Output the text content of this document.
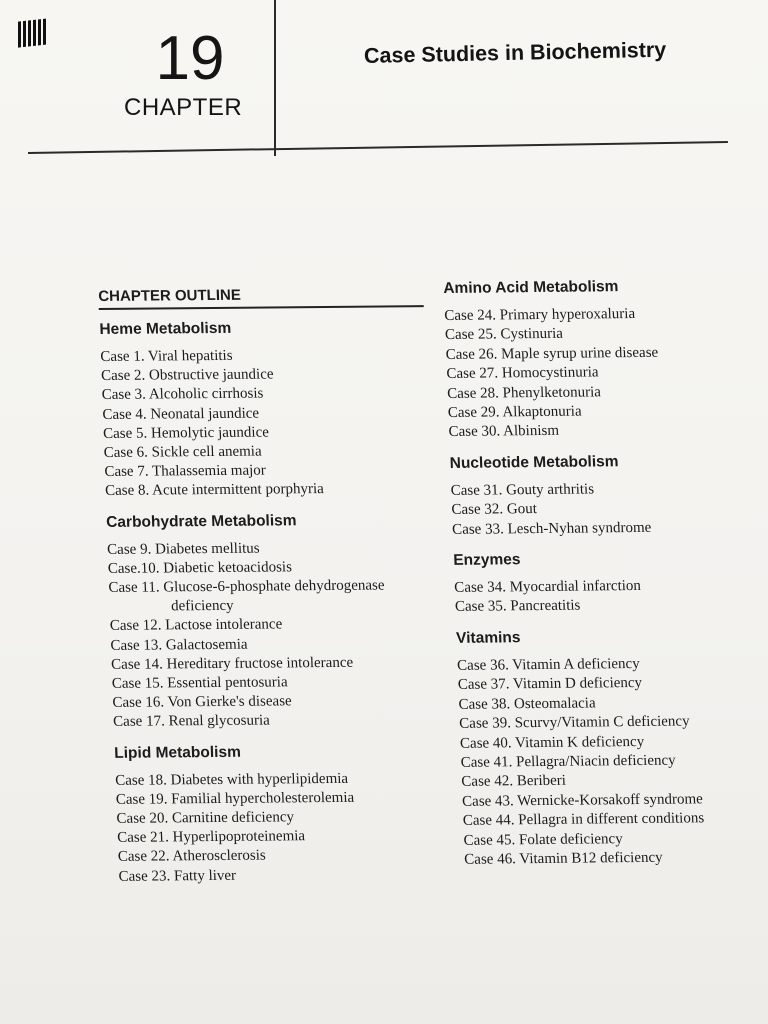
19
CHAPTER
Case Studies in Biochemistry
CHAPTER OUTLINE
Heme Metabolism
Case 1. Viral hepatitis
Case 2. Obstructive jaundice
Case 3. Alcoholic cirrhosis
Case 4. Neonatal jaundice
Case 5. Hemolytic jaundice
Case 6. Sickle cell anemia
Case 7. Thalassemia major
Case 8. Acute intermittent porphyria
Carbohydrate Metabolism
Case 9. Diabetes mellitus
Case.10. Diabetic ketoacidosis
Case 11. Glucose-6-phosphate dehydrogenase
deficiency
Case 12. Lactose intolerance
Case 13. Galactosemia
Case 14. Hereditary fructose intolerance
Case 15. Essential pentosuria
Case 16. Von Gierke's disease
Case 17. Renal glycosuria
Lipid Metabolism
Case 18. Diabetes with hyperlipidemia
Case 19. Familial hypercholesterolemia
Case 20. Carnitine deficiency
Case 21. Hyperlipoproteinemia
Case 22. Atherosclerosis
Case 23. Fatty liver
Amino Acid Metabolism
Case 24. Primary hyperoxaluria
Case 25. Cystinuria
Case 26. Maple syrup urine disease
Case 27. Homocystinuria
Case 28. Phenylketonuria
Case 29. Alkaptonuria
Case 30. Albinism
Nucleotide Metabolism
Case 31. Gouty arthritis
Case 32. Gout
Case 33. Lesch-Nyhan syndrome
Enzymes
Case 34. Myocardial infarction
Case 35. Pancreatitis
Vitamins
Case 36. Vitamin A deficiency
Case 37. Vitamin D deficiency
Case 38. Osteomalacia
Case 39. Scurvy/Vitamin C deficiency
Case 40. Vitamin K deficiency
Case 41. Pellagra/Niacin deficiency
Case 42. Beriberi
Case 43. Wernicke-Korsakoff syndrome
Case 44. Pellagra in different conditions
Case 45. Folate deficiency
Case 46. Vitamin B12 deficiency
